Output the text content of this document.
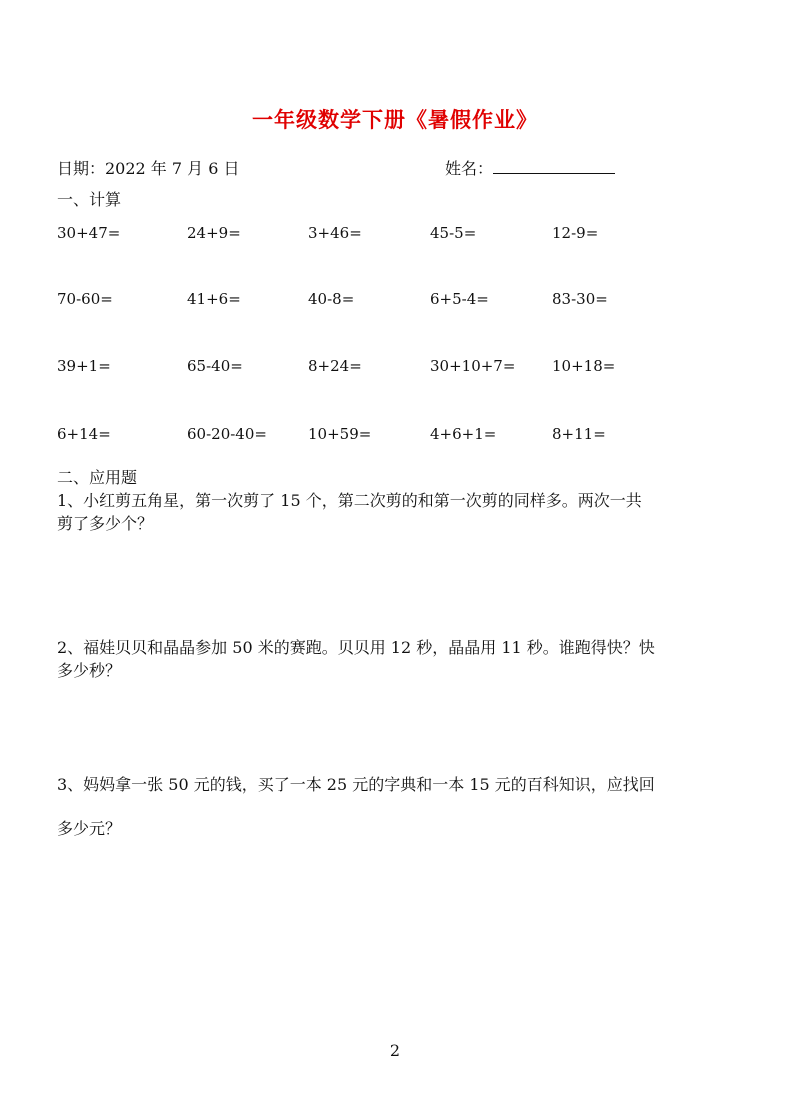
一年级数学下册《暑假作业》
日期：2022 年 7 月 6 日	姓名：
一、计算
30+47=	24+9=	3+46=	45-5=	12-9=
70-60=	41+6=	40-8=	6+5-4=	83-30=
39+1=	65-40=	8+24=	30+10+7= 10+18=
6+14=	60-20-40=	10+59=	4+6+1=	8+11=
二、应用题
1、小红剪五角星，第一次剪了 15 个，第二次剪的和第一次剪的同样多。两次一共
剪了多少个？
2、福娃贝贝和晶晶参加 50 米的赛跑。贝贝用 12 秒，晶晶用 11 秒。谁跑得快？快
多少秒？
3、妈妈拿一张 50 元的钱，买了一本 25 元的字典和一本 15 元的百科知识，应找回
多少元？
2
